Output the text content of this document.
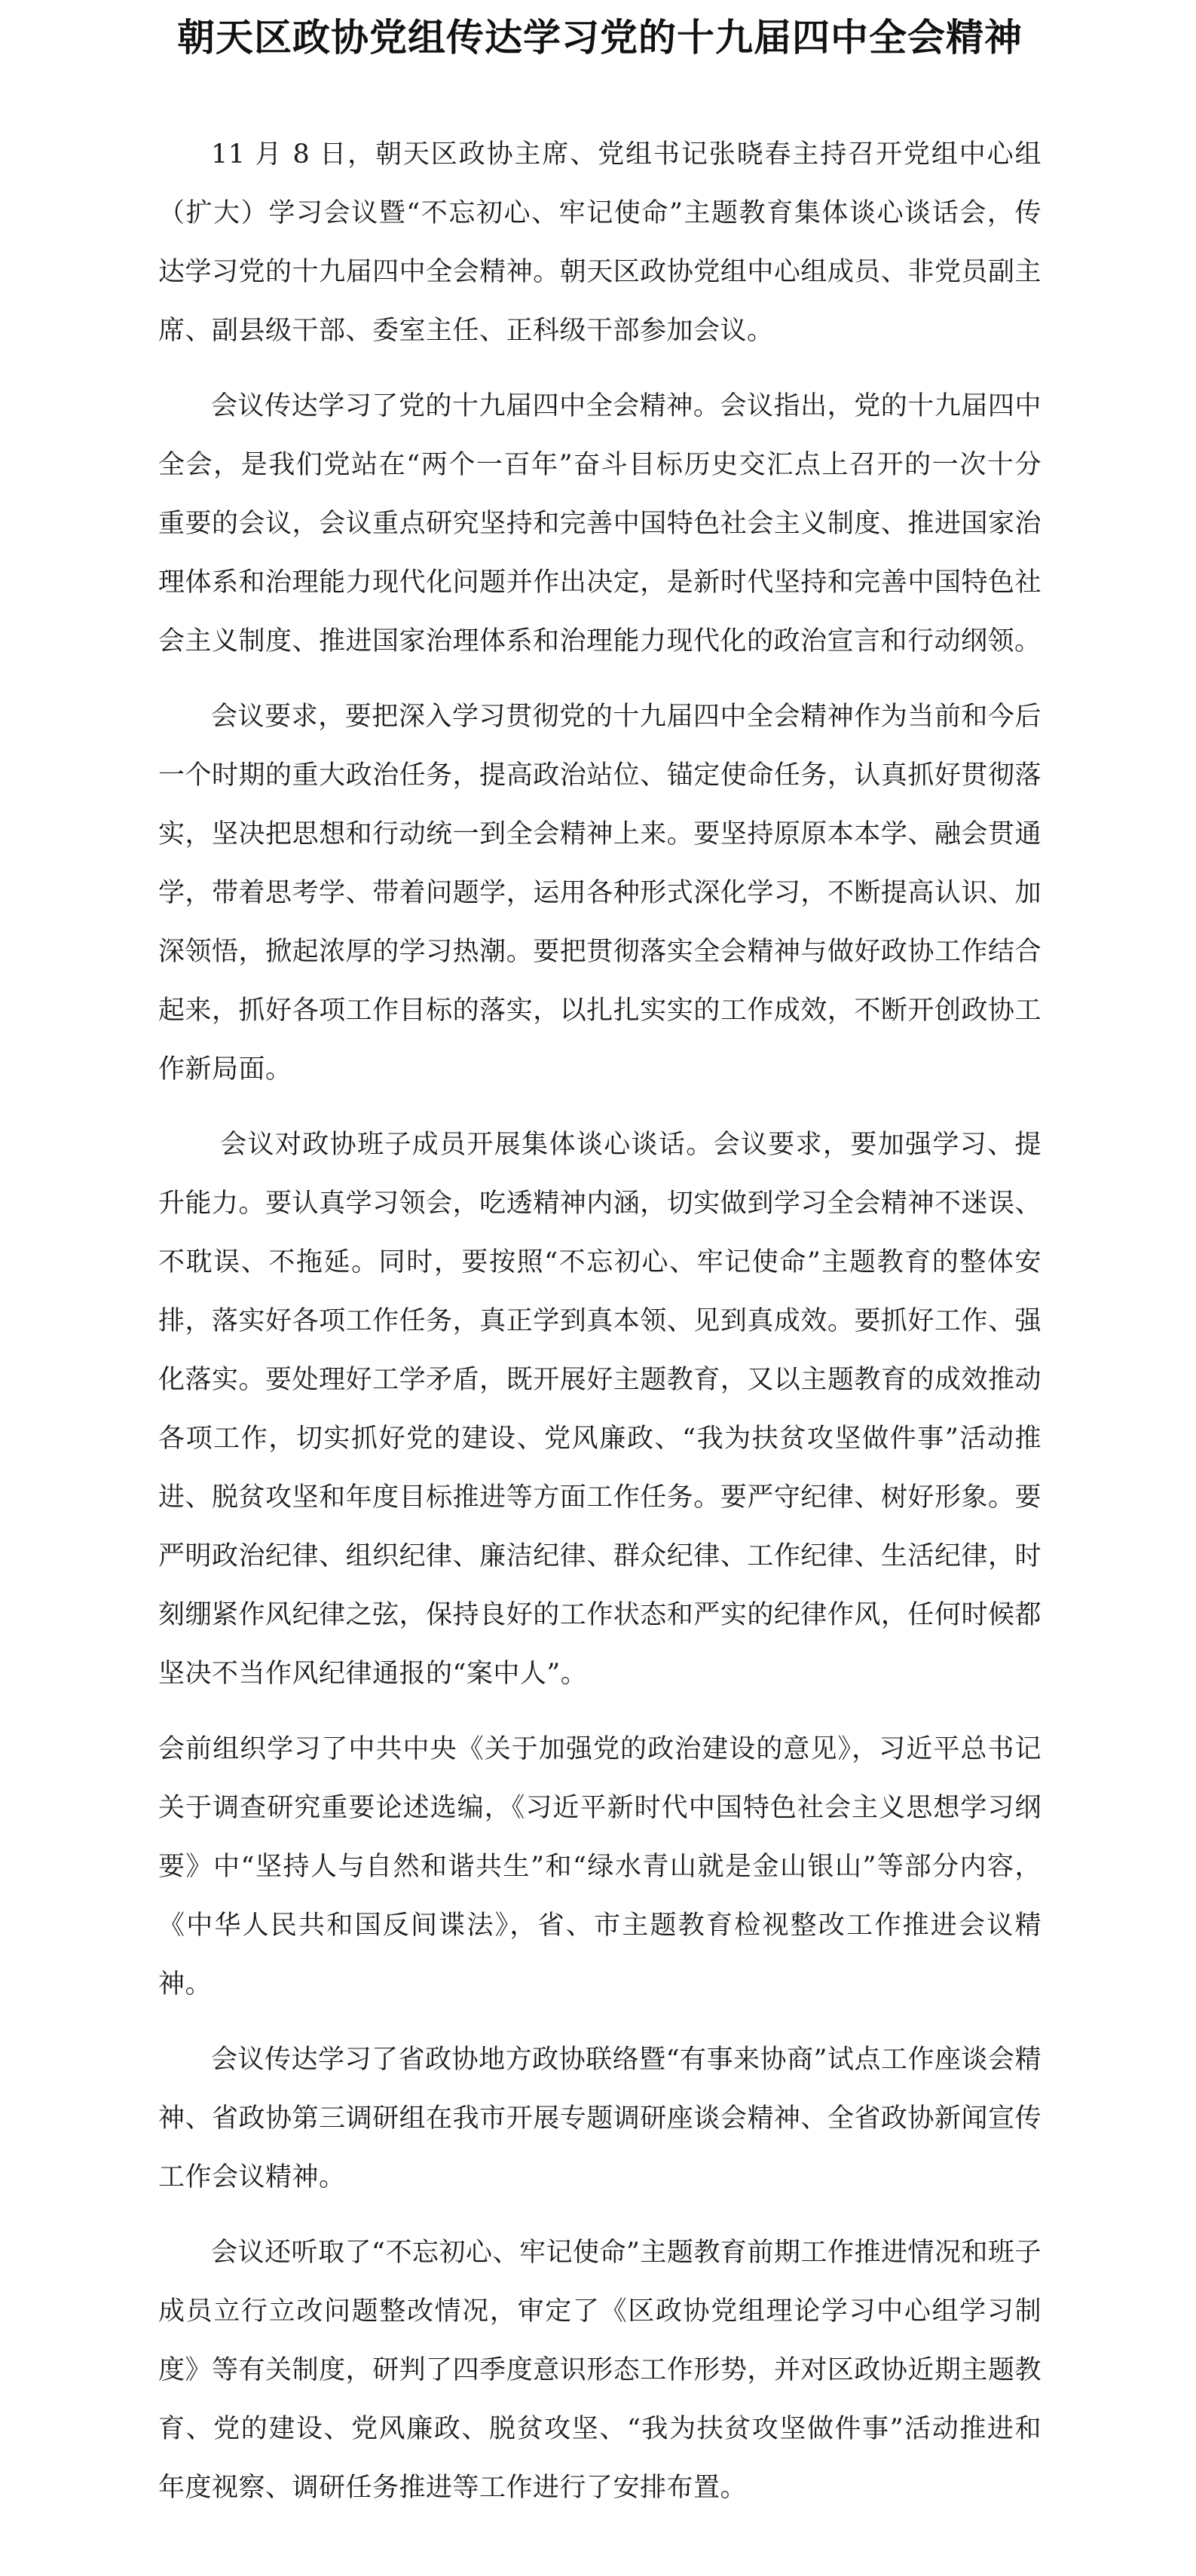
朝天区政协党组传达学习党的十九届四中全会精神

11 月 8 日，朝天区政协主席、党组书记张晓春主持召开党组中心组（扩大）学习会议暨“不忘初心、牢记使命”主题教育集体谈心谈话会，传达学习党的十九届四中全会精神。朝天区政协党组中心组成员、非党员副主席、副县级干部、委室主任、正科级干部参加会议。

会议传达学习了党的十九届四中全会精神。会议指出，党的十九届四中全会，是我们党站在“两个一百年”奋斗目标历史交汇点上召开的一次十分重要的会议，会议重点研究坚持和完善中国特色社会主义制度、推进国家治理体系和治理能力现代化问题并作出决定，是新时代坚持和完善中国特色社会主义制度、推进国家治理体系和治理能力现代化的政治宣言和行动纲领。

会议要求，要把深入学习贯彻党的十九届四中全会精神作为当前和今后一个时期的重大政治任务，提高政治站位、锚定使命任务，认真抓好贯彻落实，坚决把思想和行动统一到全会精神上来。要坚持原原本本学、融会贯通学，带着思考学、带着问题学，运用各种形式深化学习，不断提高认识、加深领悟，掀起浓厚的学习热潮。要把贯彻落实全会精神与做好政协工作结合起来，抓好各项工作目标的落实，以扎扎实实的工作成效，不断开创政协工作新局面。

会议对政协班子成员开展集体谈心谈话。会议要求，要加强学习、提升能力。要认真学习领会，吃透精神内涵，切实做到学习全会精神不迷误、不耽误、不拖延。同时，要按照“不忘初心、牢记使命”主题教育的整体安排，落实好各项工作任务，真正学到真本领、见到真成效。要抓好工作、强化落实。要处理好工学矛盾，既开展好主题教育，又以主题教育的成效推动各项工作，切实抓好党的建设、党风廉政、“我为扶贫攻坚做件事”活动推进、脱贫攻坚和年度目标推进等方面工作任务。要严守纪律、树好形象。要严明政治纪律、组织纪律、廉洁纪律、群众纪律、工作纪律、生活纪律，时刻绷紧作风纪律之弦，保持良好的工作状态和严实的纪律作风，任何时候都坚决不当作风纪律通报的“案中人”。

会前组织学习了中共中央《关于加强党的政治建设的意见》，习近平总书记关于调查研究重要论述选编，《习近平新时代中国特色社会主义思想学习纲要》中“坚持人与自然和谐共生”和“绿水青山就是金山银山”等部分内容，《中华人民共和国反间谍法》，省、市主题教育检视整改工作推进会议精神。

会议传达学习了省政协地方政协联络暨“有事来协商”试点工作座谈会精神、省政协第三调研组在我市开展专题调研座谈会精神、全省政协新闻宣传工作会议精神。

会议还听取了“不忘初心、牢记使命”主题教育前期工作推进情况和班子成员立行立改问题整改情况，审定了《区政协党组理论学习中心组学习制度》等有关制度，研判了四季度意识形态工作形势，并对区政协近期主题教育、党的建设、党风廉政、脱贫攻坚、“我为扶贫攻坚做件事”活动推进和年度视察、调研任务推进等工作进行了安排布置。
